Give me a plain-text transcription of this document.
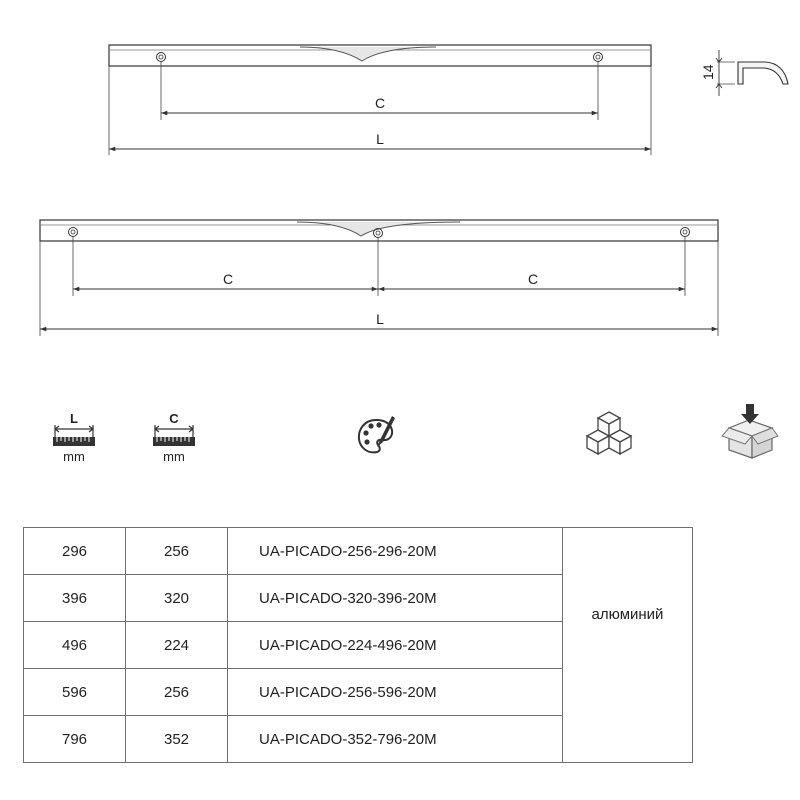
C
L
14
C	C
L
L
mm
C
mm
296	256	UA-PICADO-256-296-20M	алюминий
396	320	UA-PICADO-320-396-20M	
496	224	UA-PICADO-224-496-20M	
596	256	UA-PICADO-256-596-20M	
796	352	UA-PICADO-352-796-20M	
